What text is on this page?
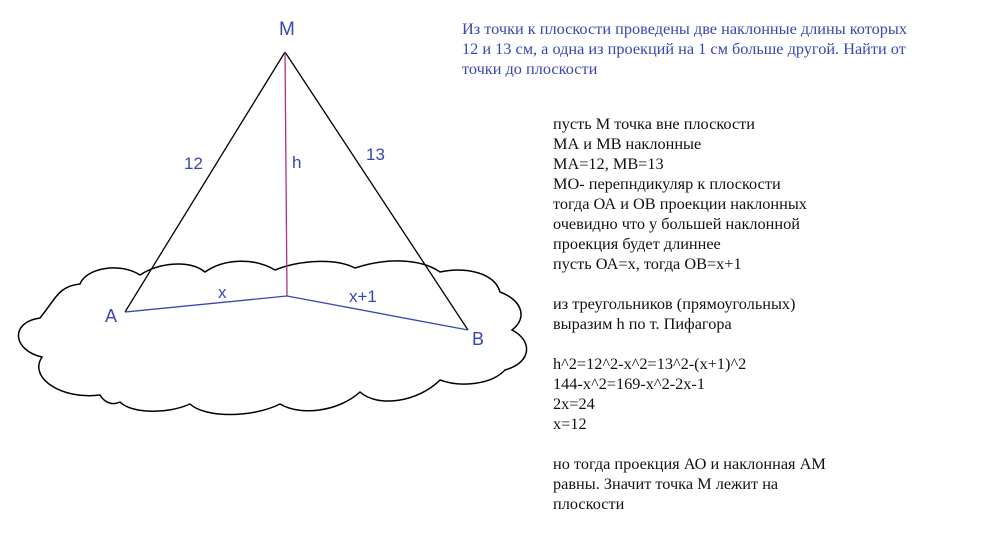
M
A
B
12	13
h
x	x+1
Из точки к плоскости проведены две наклонные длины которых
12 и 13 см, а одна из проекций на 1 см больше другой. Найти от
точки до плоскости
пусть М точка вне плоскости
МА и МВ наклонные
МА=12, МВ=13
МО- перепндикуляр к плоскости
тогда ОА и ОВ проекции наклонных
очевидно что у большей наклонной
проекция будет длиннее
пусть ОА=x, тогда ОВ=x+1
из треугольников (прямоугольных)
выразим h по т. Пифагора
h^2=12^2-x^2=13^2-(x+1)^2
144-x^2=169-x^2-2x-1
2x=24
x=12
но тогда проекция АО и наклонная АМ
равны. Значит точка М лежит на
плоскости
